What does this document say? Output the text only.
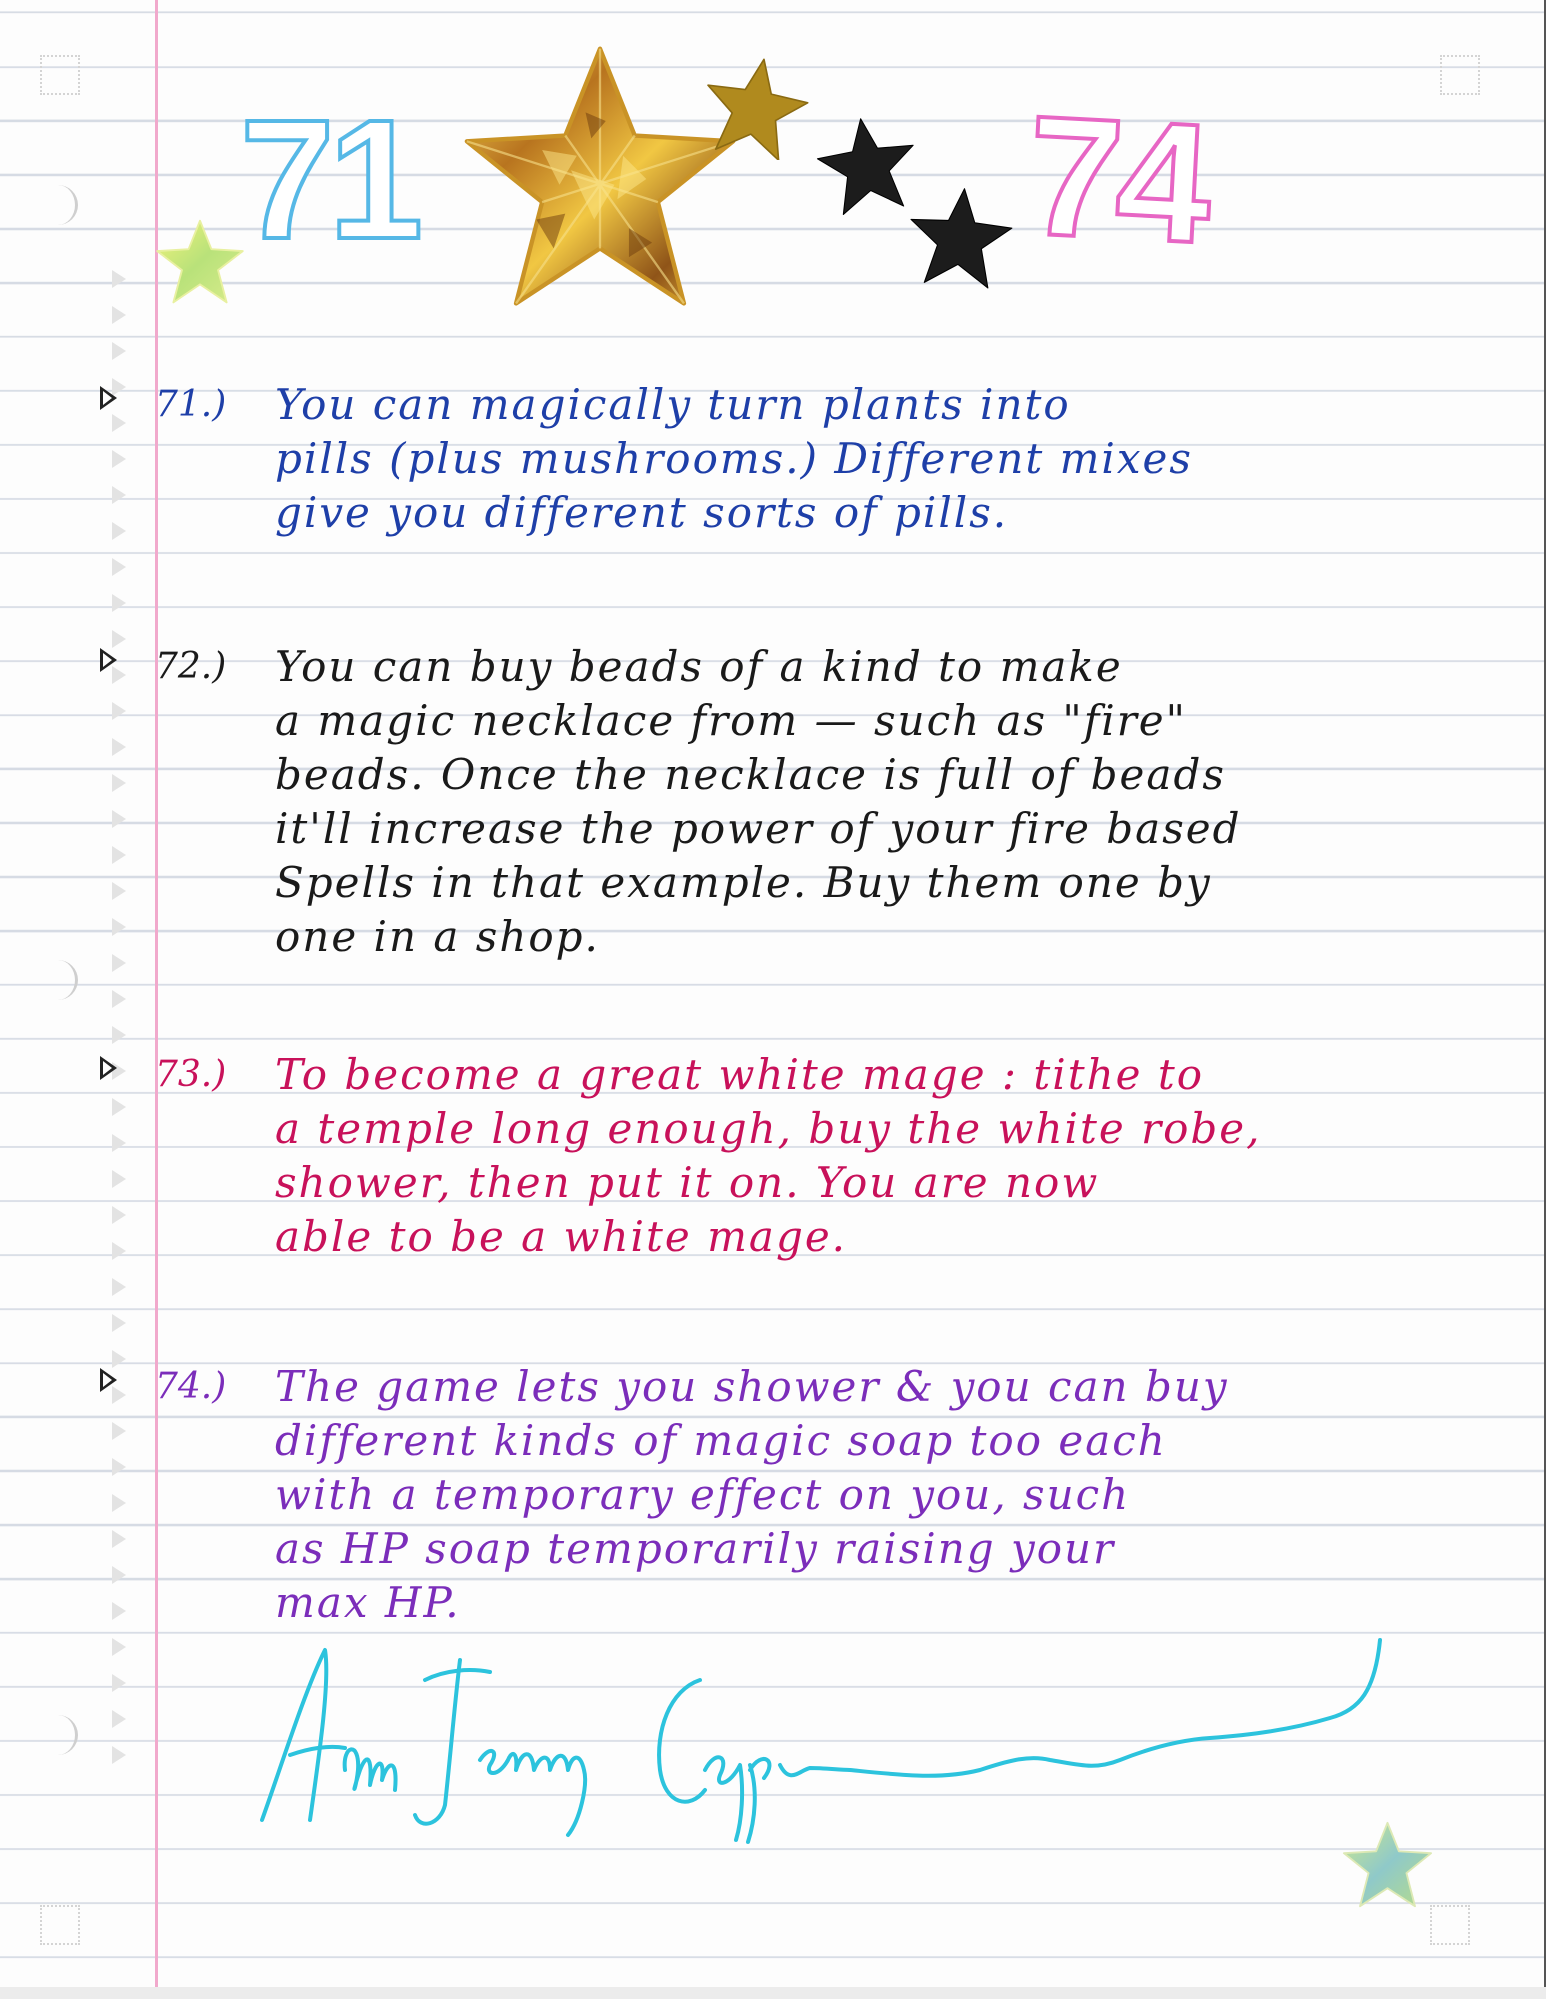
71	74
71.) You can magically turn plants into
pills (plus mushrooms.) Different mixes
give you different sorts of pills.
72.) You can buy beads of a kind to make
a magic necklace from — such as "fire"
beads. Once the necklace is full of beads
it'll increase the power of your fire based
Spells in that example. Buy them one by
one in a shop.
73.) To become a great white mage : tithe to
a temple long enough, buy the white robe,
shower, then put it on. You are now
able to be a white mage.
74.) The game lets you shower & you can buy
different kinds of magic soap too each
with a temporary effect on you, such
as HP soap temporarily raising your
max HP.
